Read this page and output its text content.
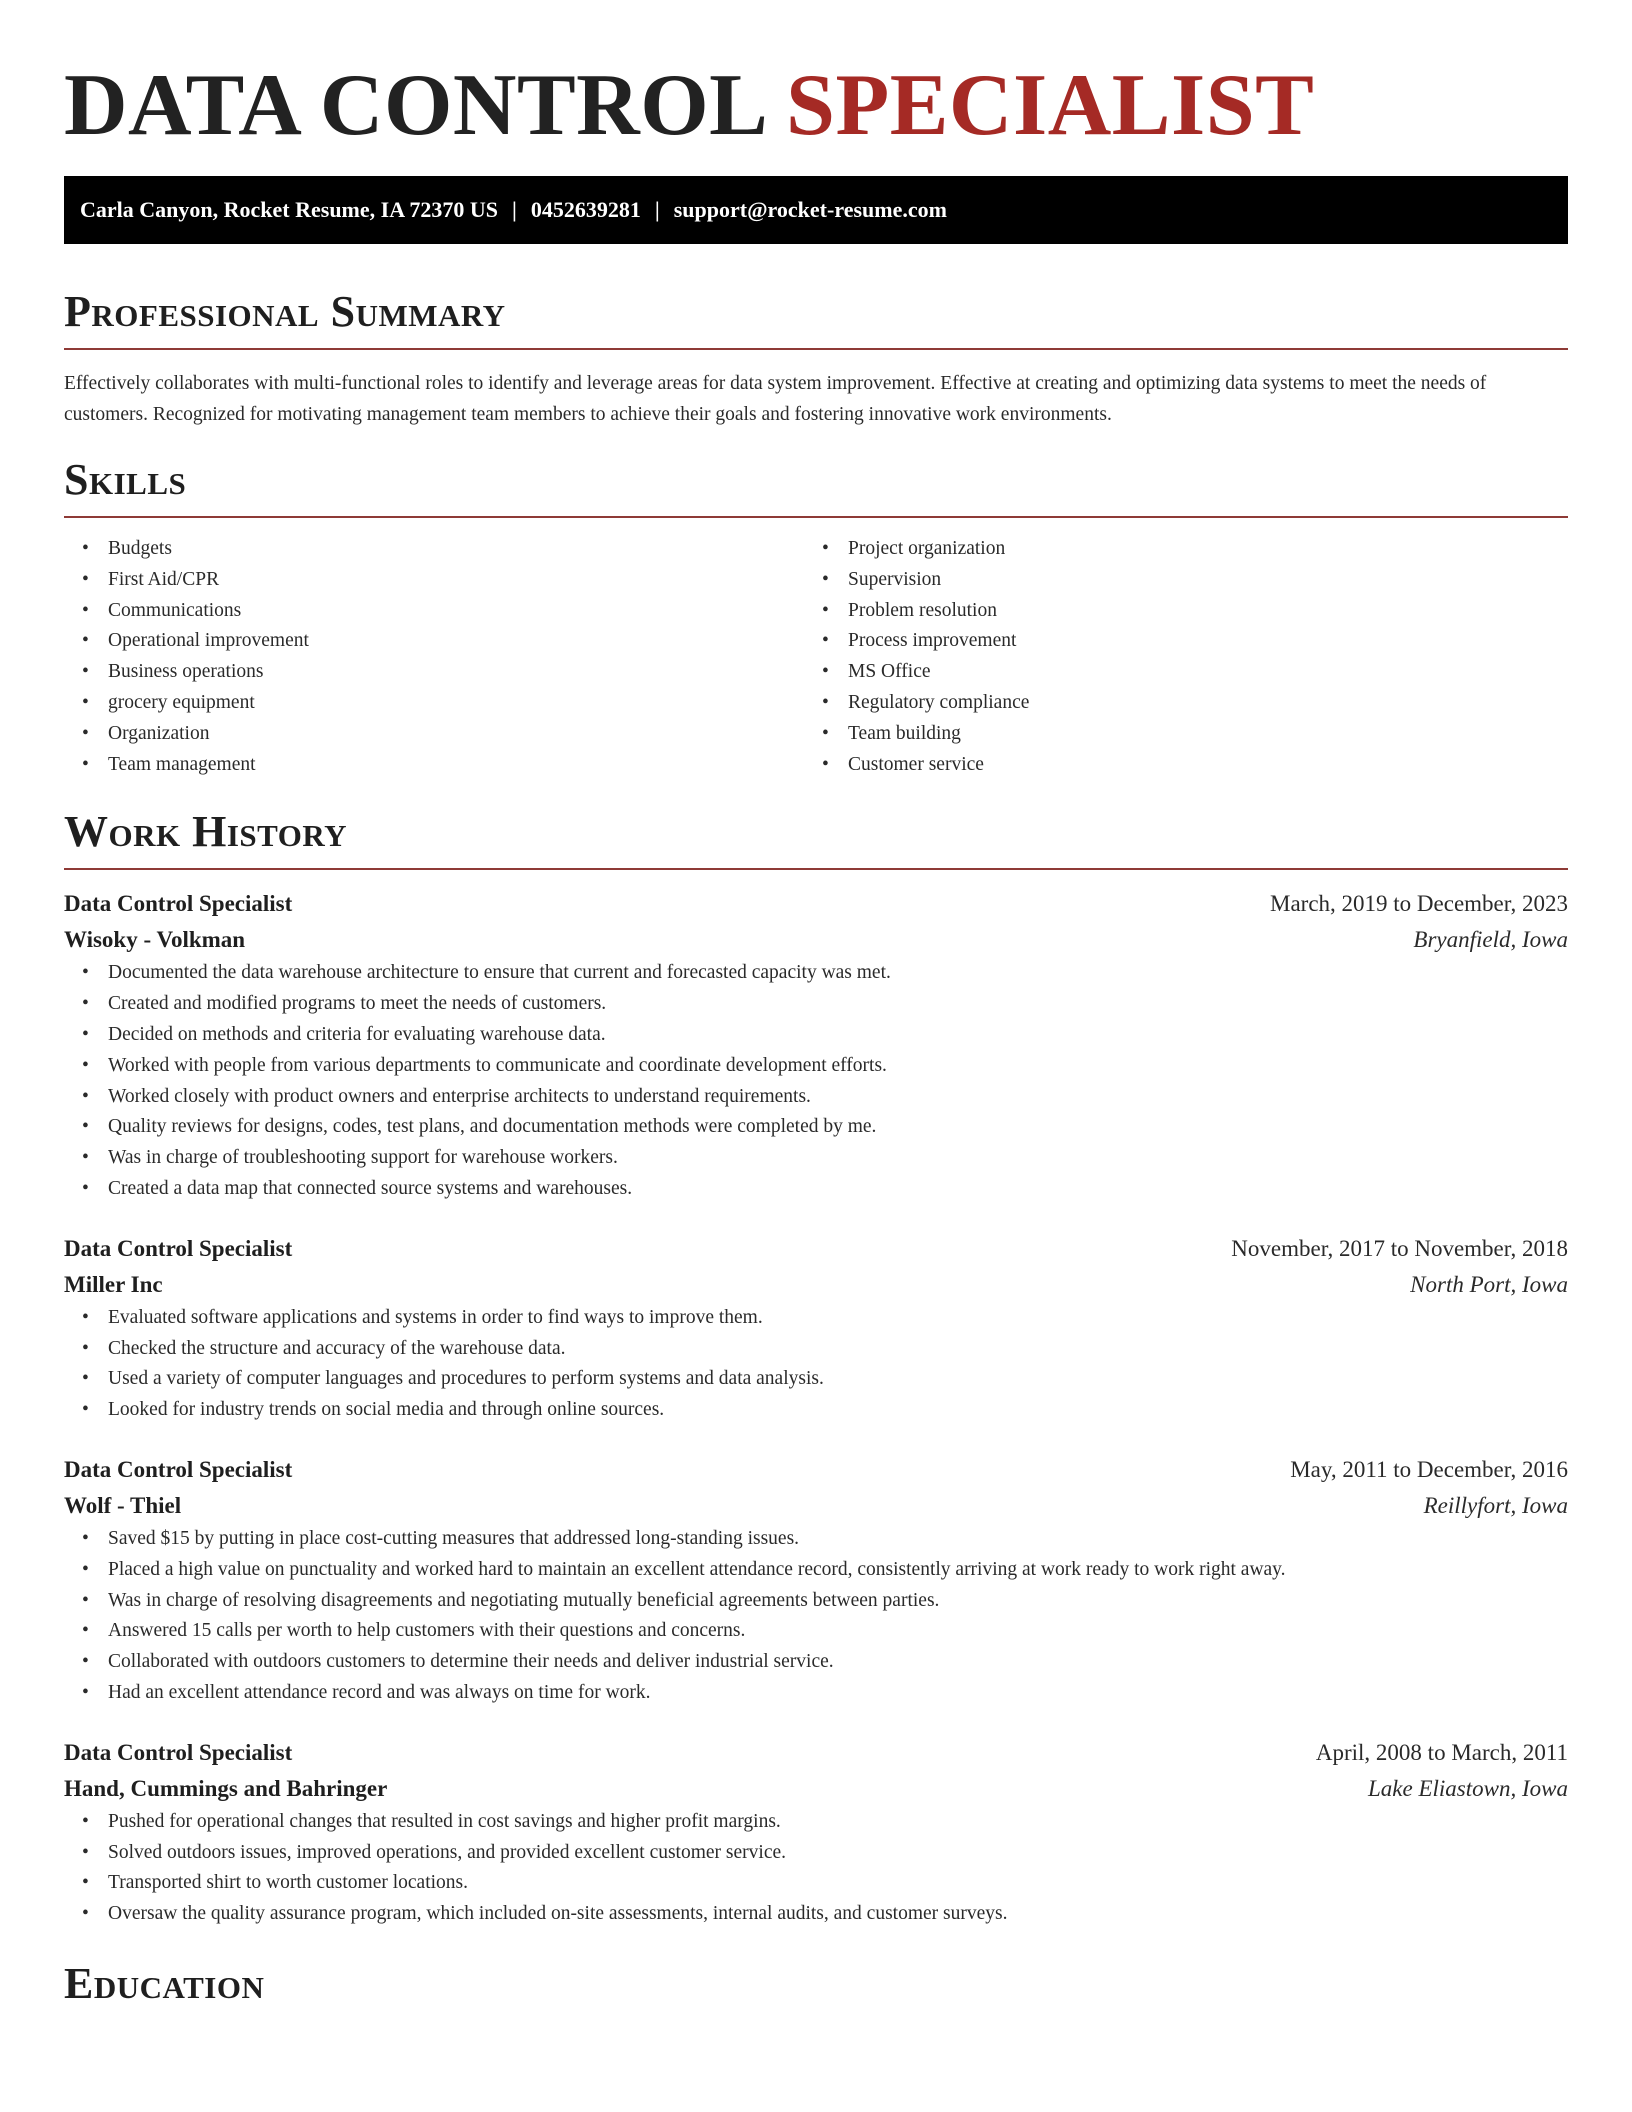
DATA CONTROL SPECIALIST
Carla Canyon, Rocket Resume, IA 72370 US | 0452639281 | support@rocket-resume.com
Professional Summary

Effectively collaborates with multi-functional roles to identify and leverage areas for data system improvement. Effective at creating and optimizing data systems to meet the needs of customers. Recognized for motivating management team members to achieve their goals and fostering innovative work environments.

Skills
• Budgets
• First Aid/CPR
• Communications
• Operational improvement
• Business operations
• grocery equipment
• Organization
• Team management
• Project organization
• Supervision
• Problem resolution
• Process improvement
• MS Office
• Regulatory compliance
• Team building
• Customer service
Work History
Data Control Specialist	March, 2019 to December, 2023
Wisoky - Volkman	Bryanfield, Iowa
• Documented the data warehouse architecture to ensure that current and forecasted capacity was met.
• Created and modified programs to meet the needs of customers.
• Decided on methods and criteria for evaluating warehouse data.
• Worked with people from various departments to communicate and coordinate development efforts.
• Worked closely with product owners and enterprise architects to understand requirements.
• Quality reviews for designs, codes, test plans, and documentation methods were completed by me.
• Was in charge of troubleshooting support for warehouse workers.
• Created a data map that connected source systems and warehouses.
Data Control Specialist	November, 2017 to November, 2018
Miller Inc	North Port, Iowa
• Evaluated software applications and systems in order to find ways to improve them.
• Checked the structure and accuracy of the warehouse data.
• Used a variety of computer languages and procedures to perform systems and data analysis.
• Looked for industry trends on social media and through online sources.
Data Control Specialist	May, 2011 to December, 2016
Wolf - Thiel	Reillyfort, Iowa
• Saved $15 by putting in place cost-cutting measures that addressed long-standing issues.
• Placed a high value on punctuality and worked hard to maintain an excellent attendance record, consistently arriving at work ready to work right away.
• Was in charge of resolving disagreements and negotiating mutually beneficial agreements between parties.
• Answered 15 calls per worth to help customers with their questions and concerns.
• Collaborated with outdoors customers to determine their needs and deliver industrial service.
• Had an excellent attendance record and was always on time for work.
Data Control Specialist	April, 2008 to March, 2011
Hand, Cummings and Bahringer	Lake Eliastown, Iowa
• Pushed for operational changes that resulted in cost savings and higher profit margins.
• Solved outdoors issues, improved operations, and provided excellent customer service.
• Transported shirt to worth customer locations.
• Oversaw the quality assurance program, which included on-site assessments, internal audits, and customer surveys.
Education
